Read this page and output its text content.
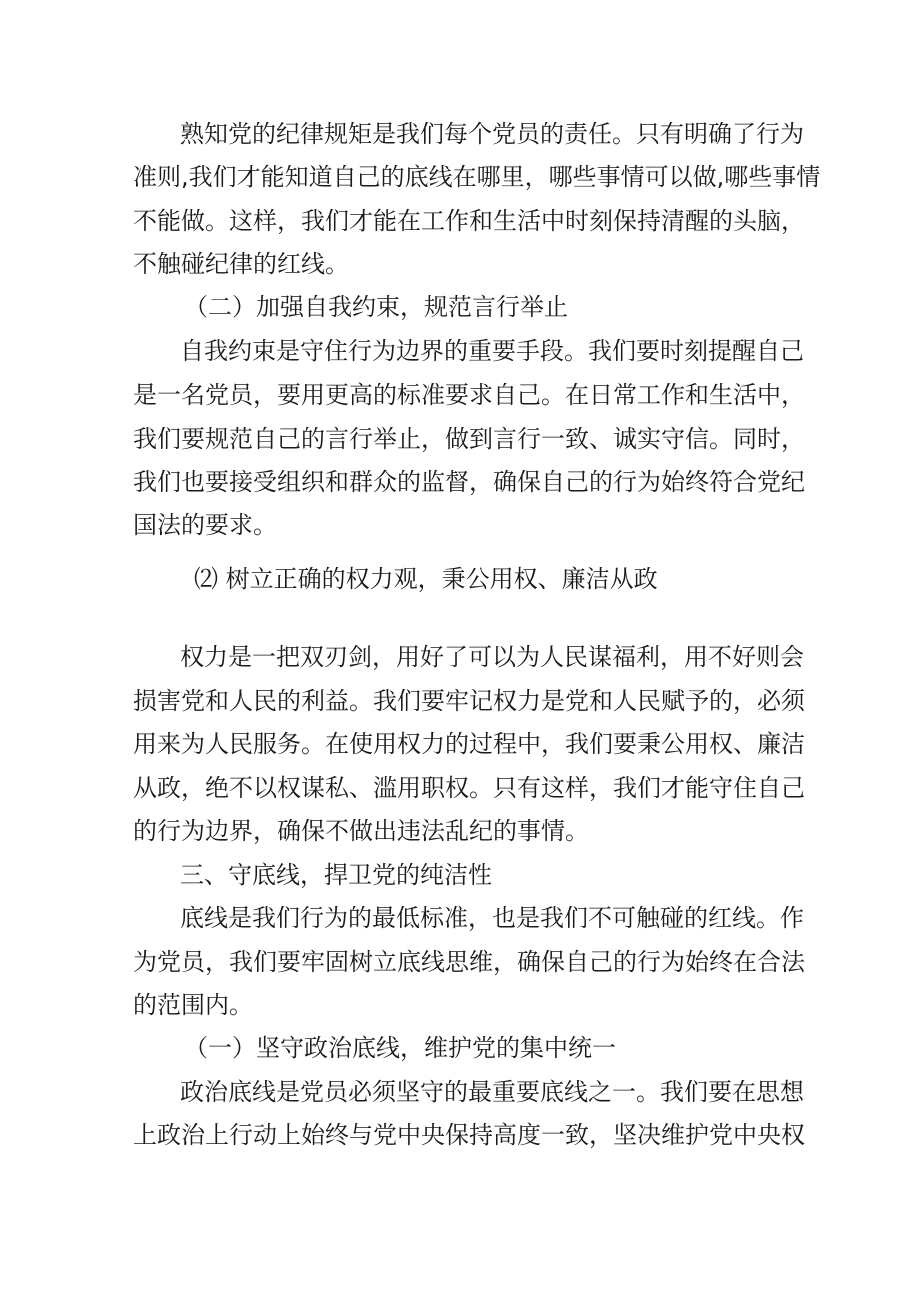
熟知党的纪律规矩是我们每个党员的责任。只有明确了行为

准则,我们才能知道自己的底线在哪里，哪些事情可以做,哪些事情

不能做。这样，我们才能在工作和生活中时刻保持清醒的头脑，

不触碰纪律的红线。

（二）加强自我约束，规范言行举止

自我约束是守住行为边界的重要手段。我们要时刻提醒自己

是一名党员，要用更高的标准要求自己。在日常工作和生活中，

我们要规范自己的言行举止，做到言行一致、诚实守信。同时，

我们也要接受组织和群众的监督，确保自己的行为始终符合党纪

国法的要求。

⑵ 树立正确的权力观，秉公用权、廉洁从政

权力是一把双刃剑，用好了可以为人民谋福利，用不好则会

损害党和人民的利益。我们要牢记权力是党和人民赋予的，必须

用来为人民服务。在使用权力的过程中，我们要秉公用权、廉洁

从政，绝不以权谋私、滥用职权。只有这样，我们才能守住自己

的行为边界，确保不做出违法乱纪的事情。

三、守底线，捍卫党的纯洁性

底线是我们行为的最低标准，也是我们不可触碰的红线。作

为党员，我们要牢固树立底线思维，确保自己的行为始终在合法

的范围内。

（一）坚守政治底线，维护党的集中统一

政治底线是党员必须坚守的最重要底线之一。我们要在思想

上政治上行动上始终与党中央保持高度一致，坚决维护党中央权
